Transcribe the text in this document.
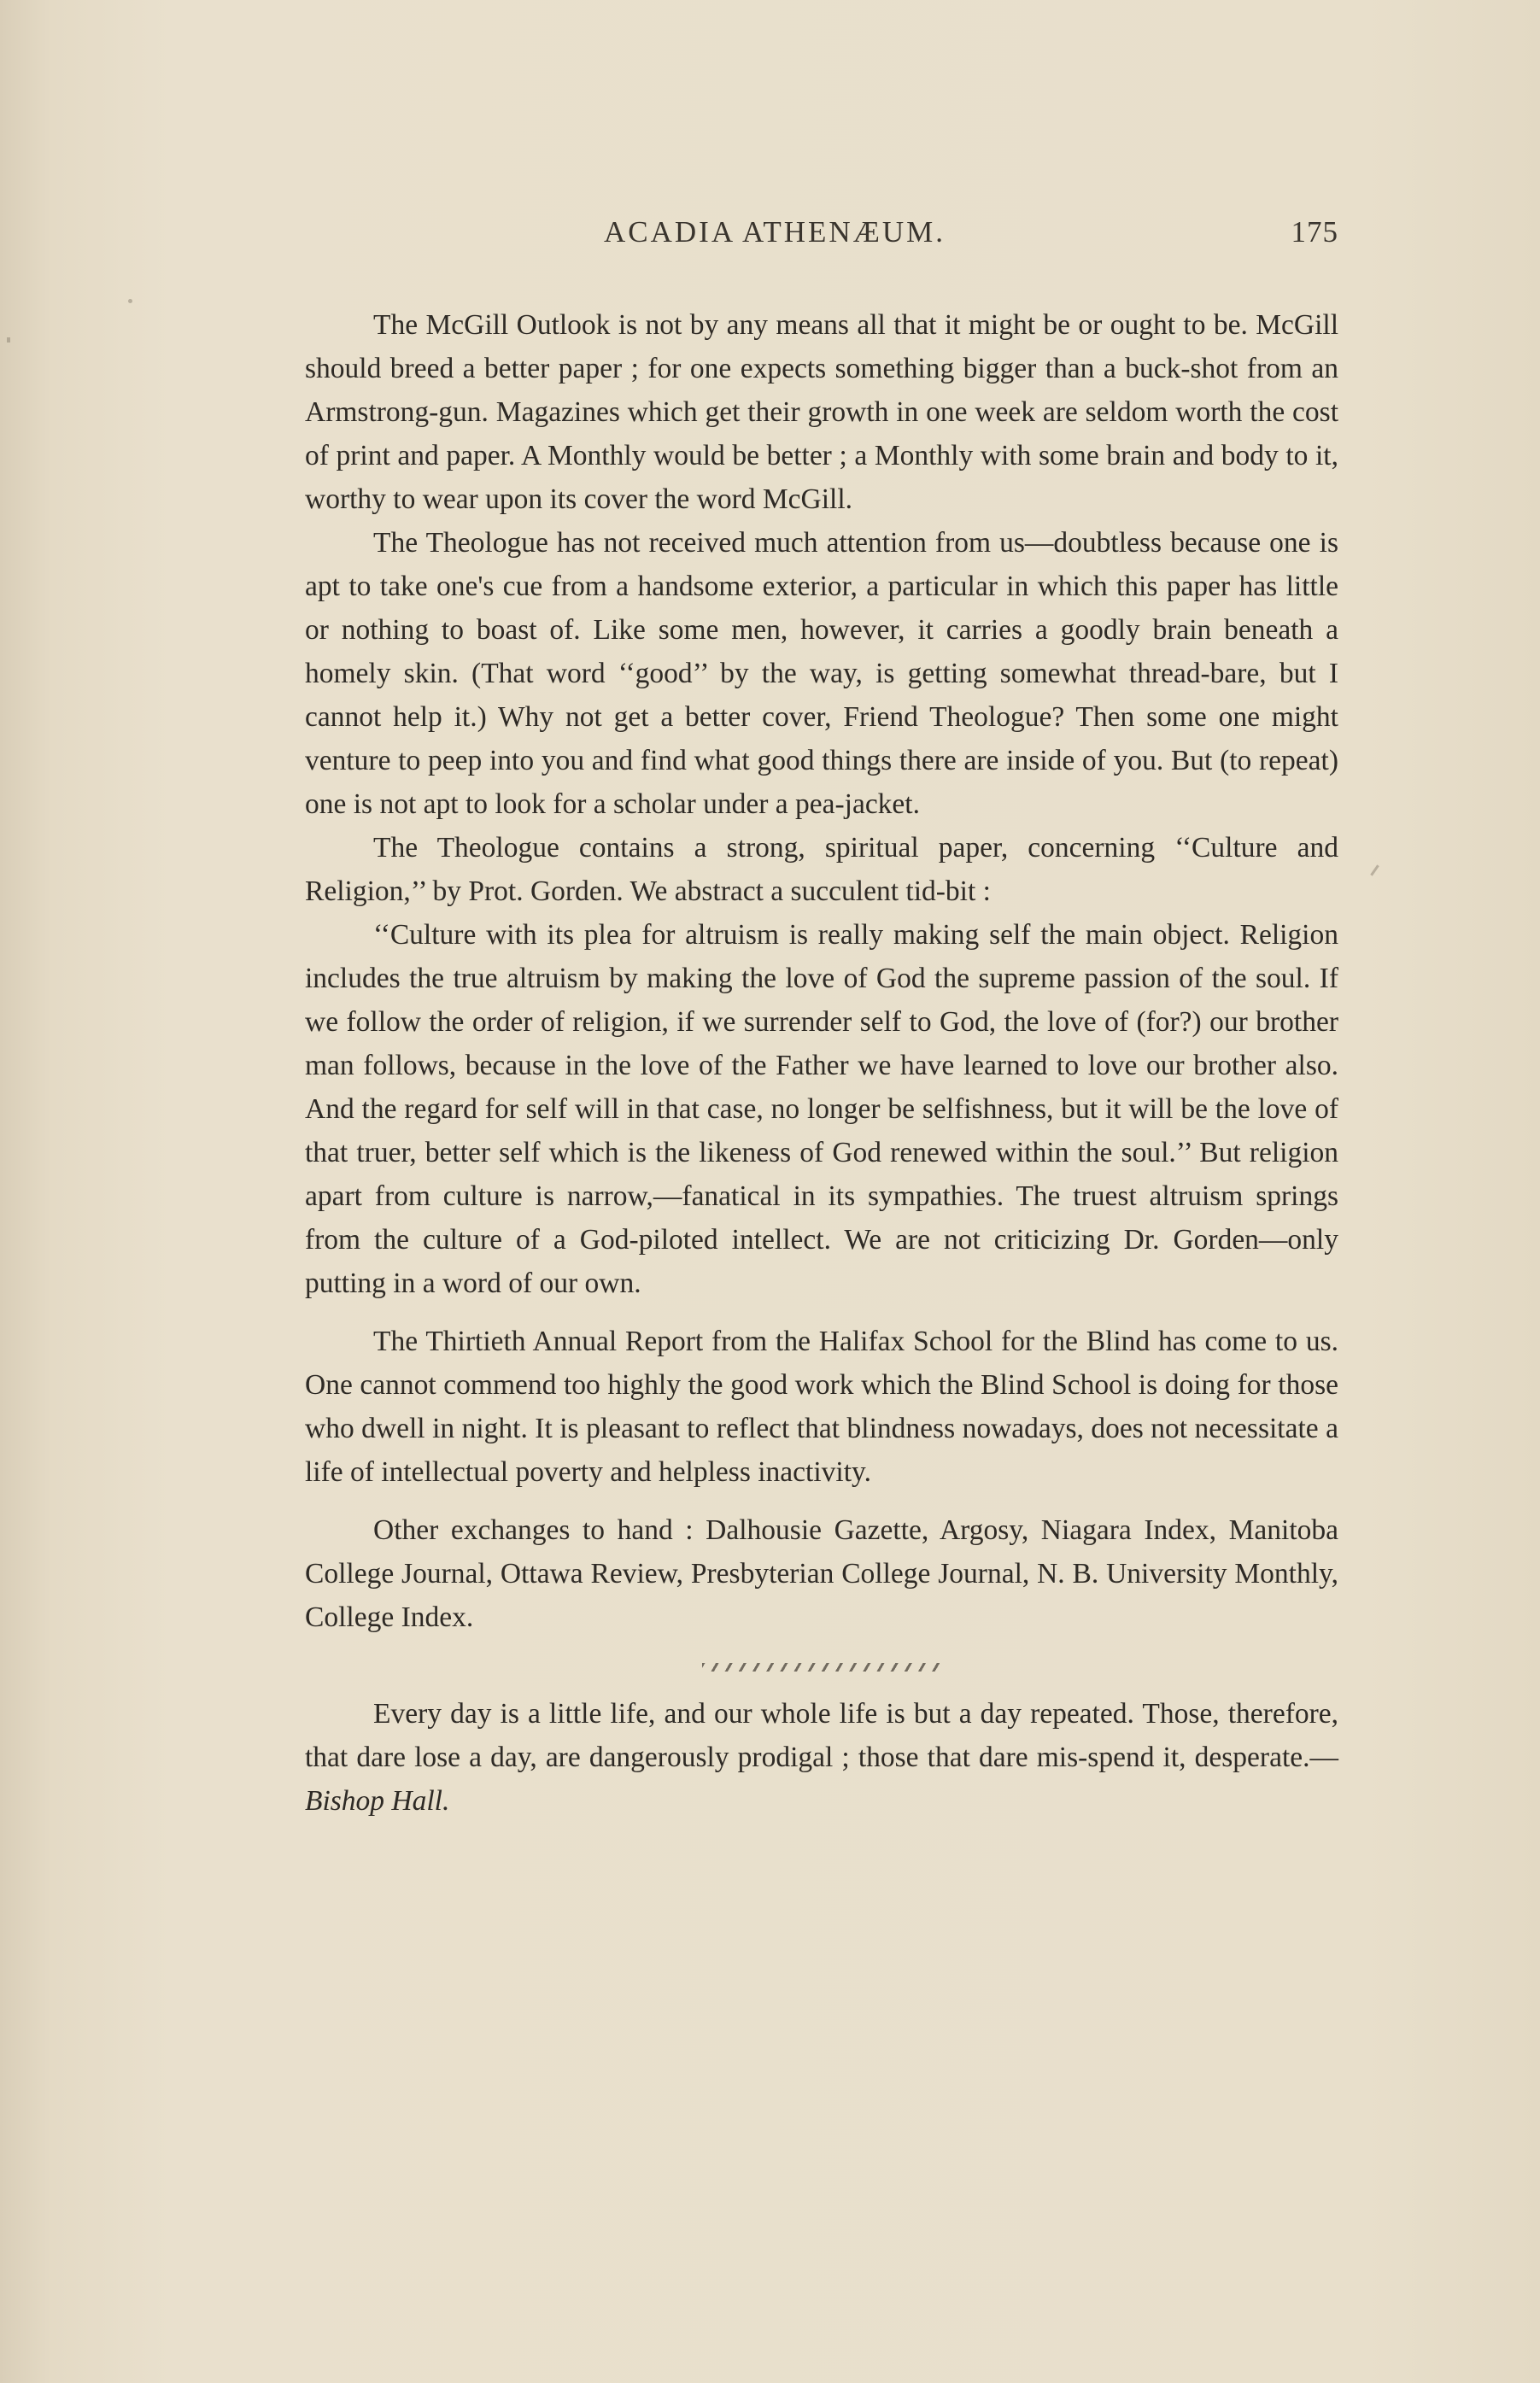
ACADIA ATHENÆUM.	175

The McGill Outlook is not by any means all that it might be or ought to be. McGill should breed a better paper ; for one expects something bigger than a buck-shot from an Armstrong-gun. Magazines which get their growth in one week are seldom worth the cost of print and paper. A Monthly would be better ; a Monthly with some brain and body to it, worthy to wear upon its cover the word McGill.

The Theologue has not received much attention from us—doubtless because one is apt to take one's cue from a handsome exterior, a particular in which this paper has little or nothing to boast of. Like some men, however, it carries a goodly brain beneath a homely skin. (That word ‘‘good’’ by the way, is getting somewhat thread-bare, but I cannot help it.) Why not get a better cover, Friend Theologue? Then some one might venture to peep into you and find what good things there are inside of you. But (to repeat) one is not apt to look for a scholar under a pea-jacket.

The Theologue contains a strong, spiritual paper, concerning ‘‘Culture and Religion,’’ by Prot. Gorden. We abstract a succulent tid-bit :

‘‘Culture with its plea for altruism is really making self the main object. Religion includes the true altruism by making the love of God the supreme passion of the soul. If we follow the order of religion, if we surrender self to God, the love of (for?) our brother man follows, because in the love of the Father we have learned to love our brother also. And the regard for self will in that case, no longer be selfishness, but it will be the love of that truer, better self which is the likeness of God renewed within the soul.’’ But religion apart from culture is narrow,—fanatical in its sympathies. The truest altruism springs from the culture of a God-piloted intellect. We are not criticizing Dr. Gorden—only putting in a word of our own.

The Thirtieth Annual Report from the Halifax School for the Blind has come to us. One cannot commend too highly the good work which the Blind School is doing for those who dwell in night. It is pleasant to reflect that blindness nowadays, does not necessitate a life of intellectual poverty and helpless inactivity.

Other exchanges to hand : Dalhousie Gazette, Argosy, Niagara Index, Manitoba College Journal, Ottawa Review, Presbyterian College Journal, N. B. University Monthly, College Index.

Every day is a little life, and our whole life is but a day repeated. Those, therefore, that dare lose a day, are dangerously prodigal ; those that dare mis-spend it, desperate.—Bishop Hall.
